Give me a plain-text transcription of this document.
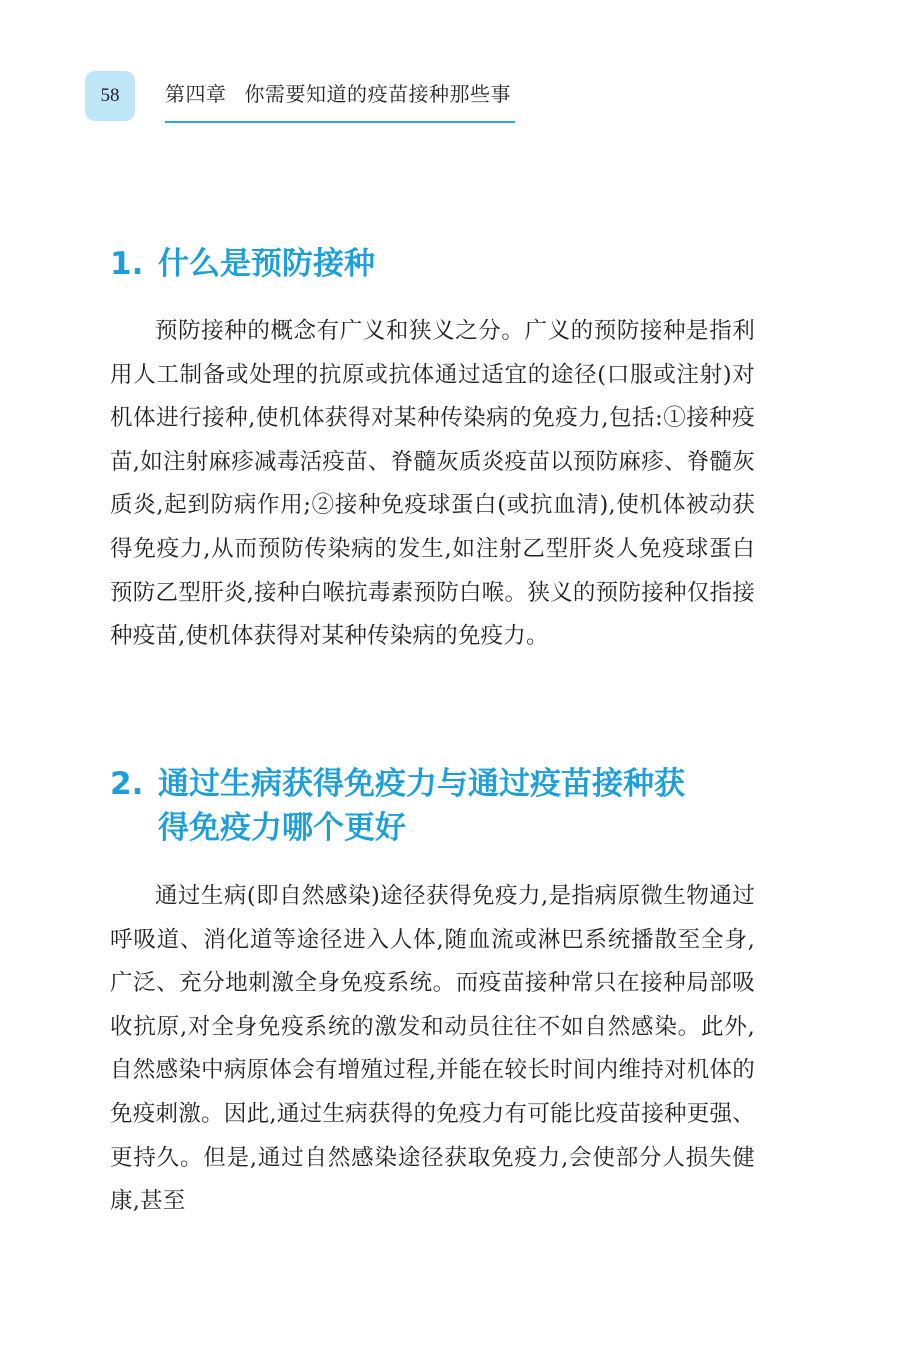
58 第四章 你需要知道的疫苗接种那些事
1. 什么是预防接种

预防接种的概念有广义和狭义之分。广义的预防接种是指利用人工制备或处理的抗原或抗体通过适宜的途径(口服或注射)对机体进行接种,使机体获得对某种传染病的免疫力,包括:①接种疫苗,如注射麻疹减毒活疫苗、脊髓灰质炎疫苗以预防麻疹、脊髓灰质炎,起到防病作用;②接种免疫球蛋白(或抗血清),使机体被动获得免疫力,从而预防传染病的发生,如注射乙型肝炎人免疫球蛋白预防乙型肝炎,接种白喉抗毒素预防白喉。狭义的预防接种仅指接种疫苗,使机体获得对某种传染病的免疫力。

2. 通过生病获得免疫力与通过疫苗接种获
得免疫力哪个更好

通过生病(即自然感染)途径获得免疫力,是指病原微生物通过呼吸道、消化道等途径进入人体,随血流或淋巴系统播散至全身,广泛、充分地刺激全身免疫系统。而疫苗接种常只在接种局部吸收抗原,对全身免疫系统的激发和动员往往不如自然感染。此外,自然感染中病原体会有增殖过程,并能在较长时间内维持对机体的免疫刺激。因此,通过生病获得的免疫力有可能比疫苗接种更强、更持久。但是,通过自然感染途径获取免疫力,会使部分人损失健康,甚至
